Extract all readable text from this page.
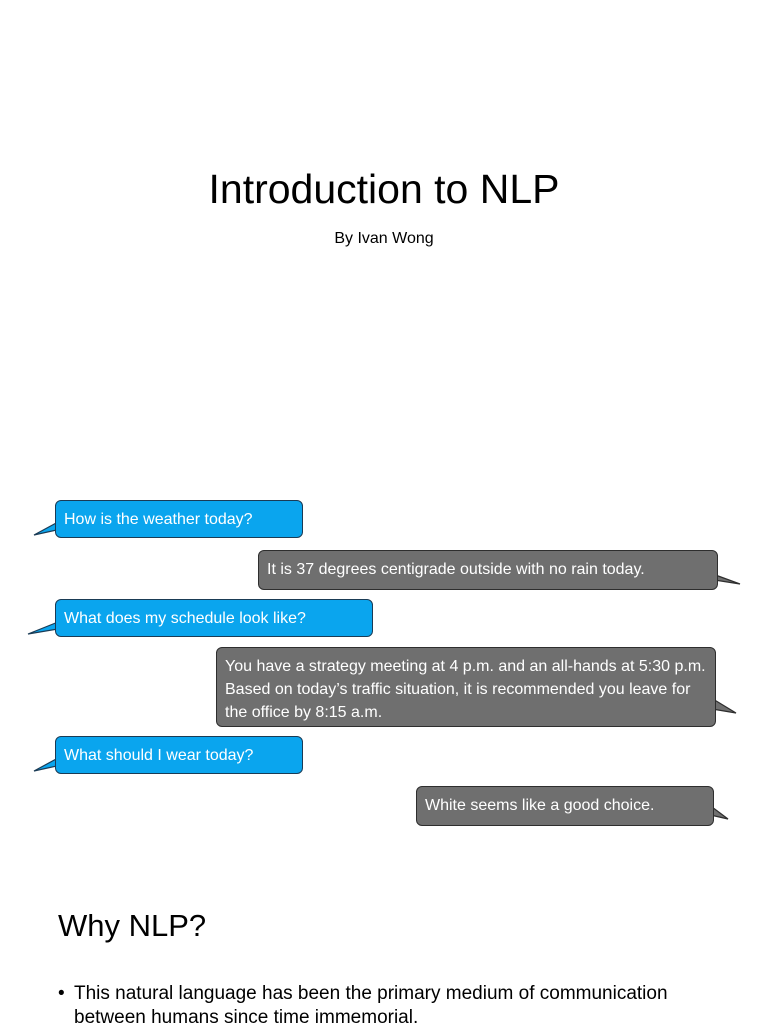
Introduction to NLP

By Ivan Wong

How is the weather today?
It is 37 degrees centigrade outside with no rain today.
What does my schedule look like?
You have a strategy meeting at 4 p.m. and an all-hands at 5:30 p.m. Based on today’s traffic situation, it is recommended you leave for the office by 8:15 a.m.
What should I wear today?
White seems like a good choice.
Why NLP?
• This natural language has been the primary medium of communication between humans since time immemorial.
